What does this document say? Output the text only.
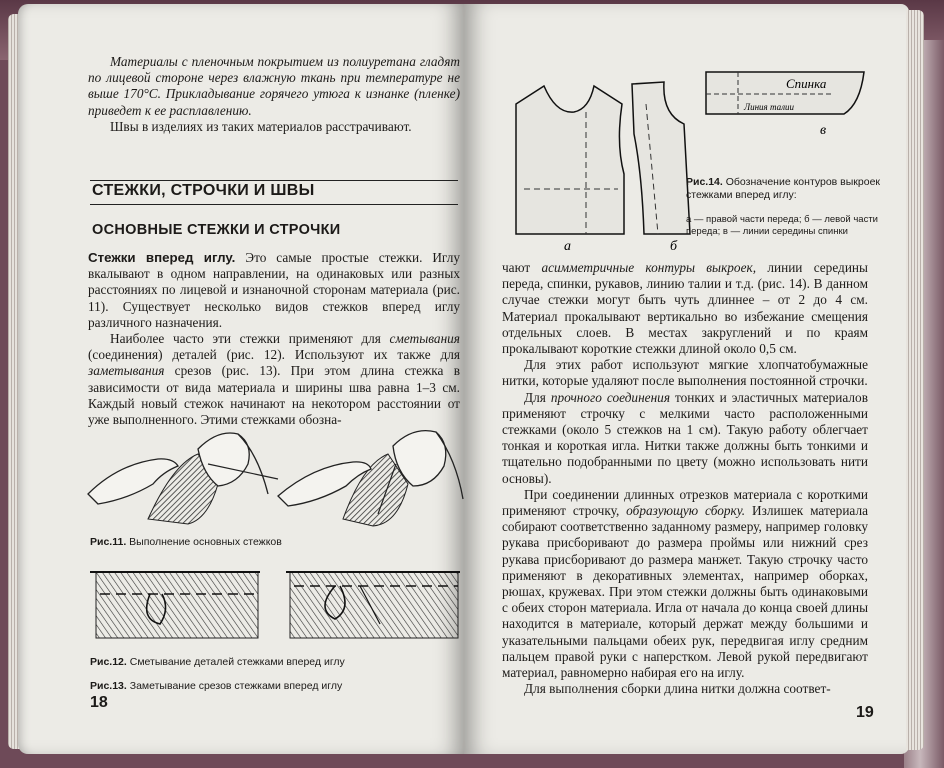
Материалы с пленочным покрытием из полиуретана гладят по лицевой стороне через влажную ткань при температуре не выше 170°С. Прикладывание горячего утюга к изнанке (пленке) приведет к ее расплавлению.

Швы в изделиях из таких материалов расстрачивают.

СТЕЖКИ, СТРОЧКИ И ШВЫ
ОСНОВНЫЕ СТЕЖКИ И СТРОЧКИ

Стежки вперед иглу. Это самые простые стежки. Иглу вкалывают в одном направлении, на одинаковых или разных расстояниях по лицевой и изнаночной сторонам материала (рис. 11). Существует несколько видов стежков вперед иглу различного назначения.

Наиболее часто эти стежки применяют для сметывания (соединения) деталей (рис. 12). Используют их также для заметывания срезов (рис. 13). При этом длина стежка в зависимости от вида материала и ширины шва равна 1–3 см. Каждый новый стежок начинают на некотором расстоянии от уже выполненного. Этими стежками обозна-

Рис.11. Выполнение основных стежков
Рис.12. Сметывание деталей стежками вперед иглу
Рис.13. Заметывание срезов стежками вперед иглу
18
Спинка
Линия талии
а	б
в
Рис.14. Обозначение контуров выкроек стежками вперед иглу:
а — правой части переда; б — левой части переда; в — линии середины спинки

чают асимметричные контуры выкроек, линии середины переда, спинки, рукавов, линию талии и т.д. (рис. 14). В данном случае стежки могут быть чуть длиннее – от 2 до 4 см. Материал прокалывают вертикально во избежание смещения отдельных слоев. В местах закруглений и по краям прокалывают короткие стежки длиной около 0,5 см.

Для этих работ используют мягкие хлопчатобумажные нитки, которые удаляют после выполнения постоянной строчки.

Для прочного соединения тонких и эластичных материалов применяют строчку с мелкими часто расположенными стежками (около 5 стежков на 1 см). Такую работу облегчает тонкая и короткая игла. Нитки также должны быть тонкими и тщательно подобранными по цвету (можно использовать нити основы).

При соединении длинных отрезков материала с короткими применяют строчку, образующую сборку. Излишек материала собирают соответственно заданному размеру, например головку рукава присборивают до размера проймы или нижний срез рукава присборивают до размера манжет. Такую строчку часто применяют в декоративных элементах, например оборках, рюшах, кружевах. При этом стежки должны быть одинаковыми с обеих сторон материала. Игла от начала до конца своей длины находится в материале, который держат между большими и указательными пальцами обеих рук, передвигая иглу средним пальцем правой руки с наперстком. Левой рукой передвигают материал, равномерно набирая его на иглу.

Для выполнения сборки длина нитки должна соответ-

19
